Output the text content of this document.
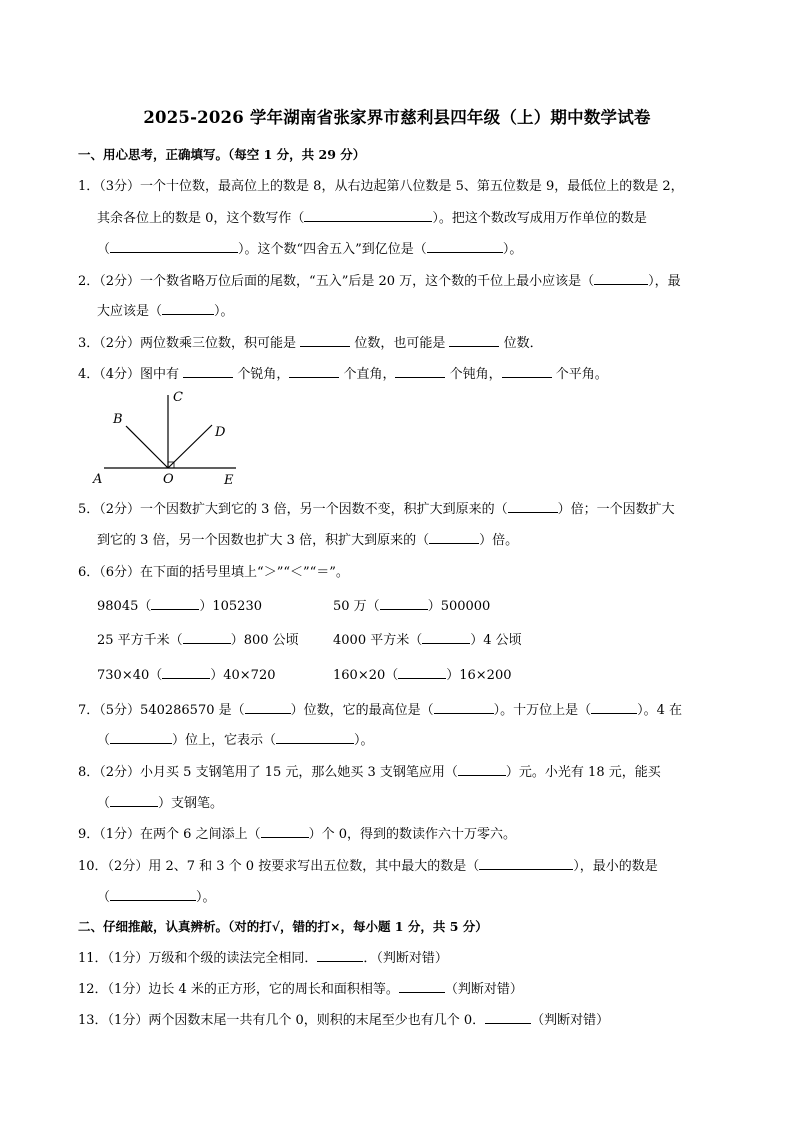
2025-2026 学年湖南省张家界市慈利县四年级（上）期中数学试卷
一、用心思考，正确填写。（每空 1 分，共 29 分）
1．（3分）一个十位数，最高位上的数是 8，从右边起第八位数是 5、第五位数是 9，最低位上的数是 2，
其余各位上的数是 0，这个数写作（	）。把这个数改写成用万作单位的数是
（	）。这个数“四舍五入”到亿位是（	）。
2．（2分）一个数省略万位后面的尾数，“五入”后是 20 万，这个数的千位上最小应该是（	），最
大应该是（	）。
3．（2分）两位数乘三位数，积可能是	位数，也可能是	位数．
4．（4分）图中有	个锐角，	个直角，	个钝角，	个平角。
C
B
D
A	O	E
5．（2分）一个因数扩大到它的 3 倍，另一个因数不变，积扩大到原来的（	）倍；一个因数扩大
到它的 3 倍，另一个因数也扩大 3 倍，积扩大到原来的（	）倍。
6．（6分）在下面的括号里填上“＞”“＜”“＝”。
98045（	）105230	50 万（	）500000
25 平方千米（	）800 公顷	4000 平方米（	）4 公顷
730×40（	）40×720	160×20（	）16×200
7．（5分）540286570 是（	）位数，它的最高位是（	）。十万位上是（	）。4 在
（	）位上，它表示（	）。
8．（2分）小月买 5 支钢笔用了 15 元，那么她买 3 支钢笔应用（	）元。小光有 18 元，能买
（	）支钢笔。
9．（1分）在两个 6 之间添上（	）个 0，得到的数读作六十万零六。
10．（2分）用 2、7 和 3 个 0 按要求写出五位数，其中最大的数是（	），最小的数是
（	）。
二、仔细推敲，认真辨析。（对的打√，错的打×，每小题 1 分，共 5 分）
11．（1分）万级和个级的读法完全相同．	．（判断对错）
12．（1分）边长 4 米的正方形，它的周长和面积相等。	（判断对错）
13．（1分）两个因数末尾一共有几个 0，则积的末尾至少也有几个 0．	（判断对错）
